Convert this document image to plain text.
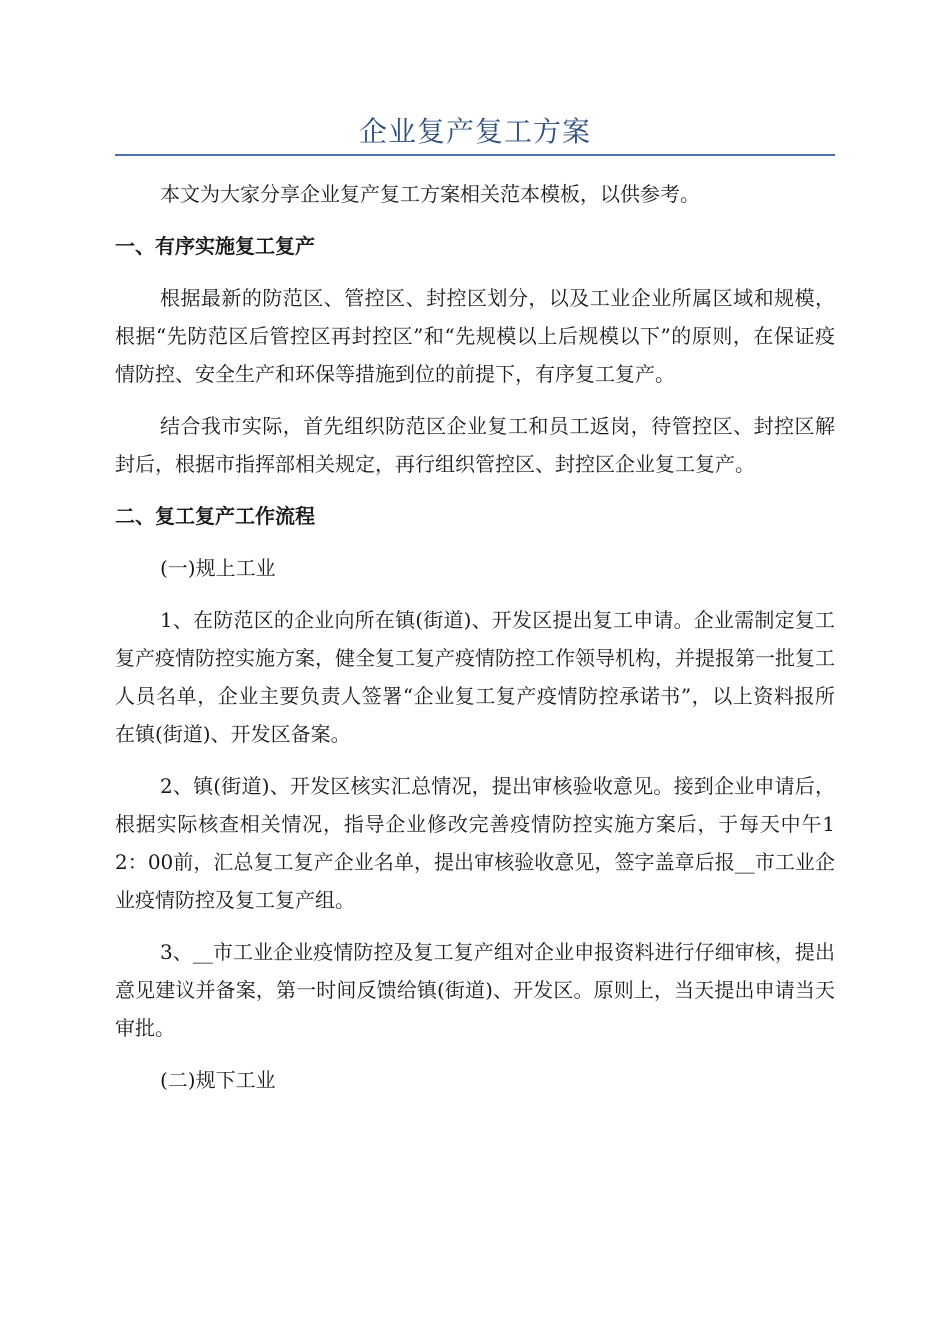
企业复产复工方案

本文为大家分享企业复产复工方案相关范本模板，以供参考。

一、有序实施复工复产

根据最新的防范区、管控区、封控区划分，以及工业企业所属区域和规模，根据“先防范区后管控区再封控区”和“先规模以上后规模以下”的原则，在保证疫情防控、安全生产和环保等措施到位的前提下，有序复工复产。

结合我市实际，首先组织防范区企业复工和员工返岗，待管控区、封控区解封后，根据市指挥部相关规定，再行组织管控区、封控区企业复工复产。

二、复工复产工作流程

(一)规上工业

1、在防范区的企业向所在镇(街道)、开发区提出复工申请。企业需制定复工复产疫情防控实施方案，健全复工复产疫情防控工作领导机构，并提报第一批复工人员名单，企业主要负责人签署“企业复工复产疫情防控承诺书”，以上资料报所在镇(街道)、开发区备案。

2、镇(街道)、开发区核实汇总情况，提出审核验收意见。接到企业申请后，根据实际核查相关情况，指导企业修改完善疫情防控实施方案后，于每天中午12：00前，汇总复工复产企业名单，提出审核验收意见，签字盖章后报__市工业企业疫情防控及复工复产组。

3、__市工业企业疫情防控及复工复产组对企业申报资料进行仔细审核，提出意见建议并备案，第一时间反馈给镇(街道)、开发区。原则上，当天提出申请当天审批。

(二)规下工业
